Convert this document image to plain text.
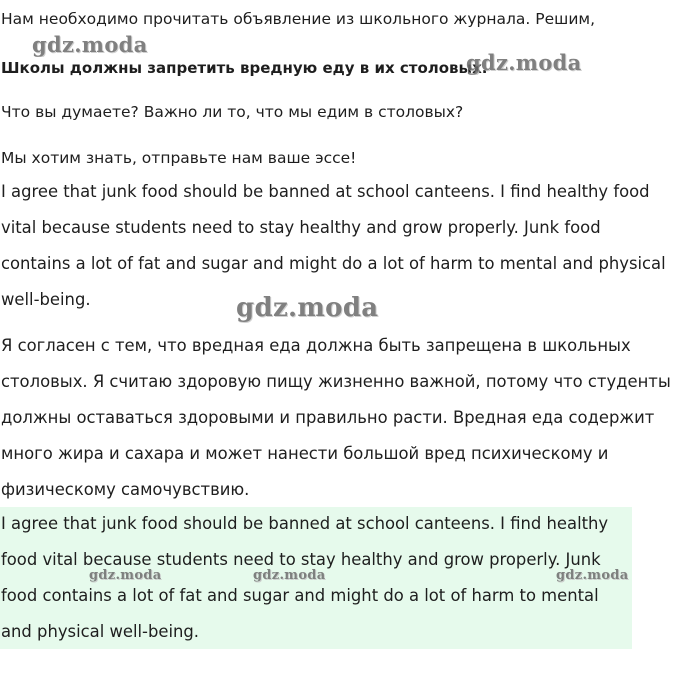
Нам необходимо прочитать объявление из школьного журнала. Решим,

Школы должны запретить вредную еду в их столовых.

Что вы думаете? Важно ли то, что мы едим в столовых?

Мы хотим знать, отправьте нам ваше эссе!

I agree that junk food should be banned at school canteens. I find healthy food

vital because students need to stay healthy and grow properly. Junk food

contains a lot of fat and sugar and might do a lot of harm to mental and physical

well-being.

Я согласен с тем, что вредная еда должна быть запрещена в школьных

столовых. Я считаю здоровую пищу жизненно важной, потому что студенты

должны оставаться здоровыми и правильно расти. Вредная еда содержит

много жира и сахара и может нанести большой вред психическому и

физическому самочувствию.

I agree that junk food should be banned at school canteens. I find healthy

food vital because students need to stay healthy and grow properly. Junk

food contains a lot of fat and sugar and might do a lot of harm to mental

and physical well-being.

gdz.moda
gdz.moda
gdz.moda
gdz.moda	gdz.moda	gdz.moda
